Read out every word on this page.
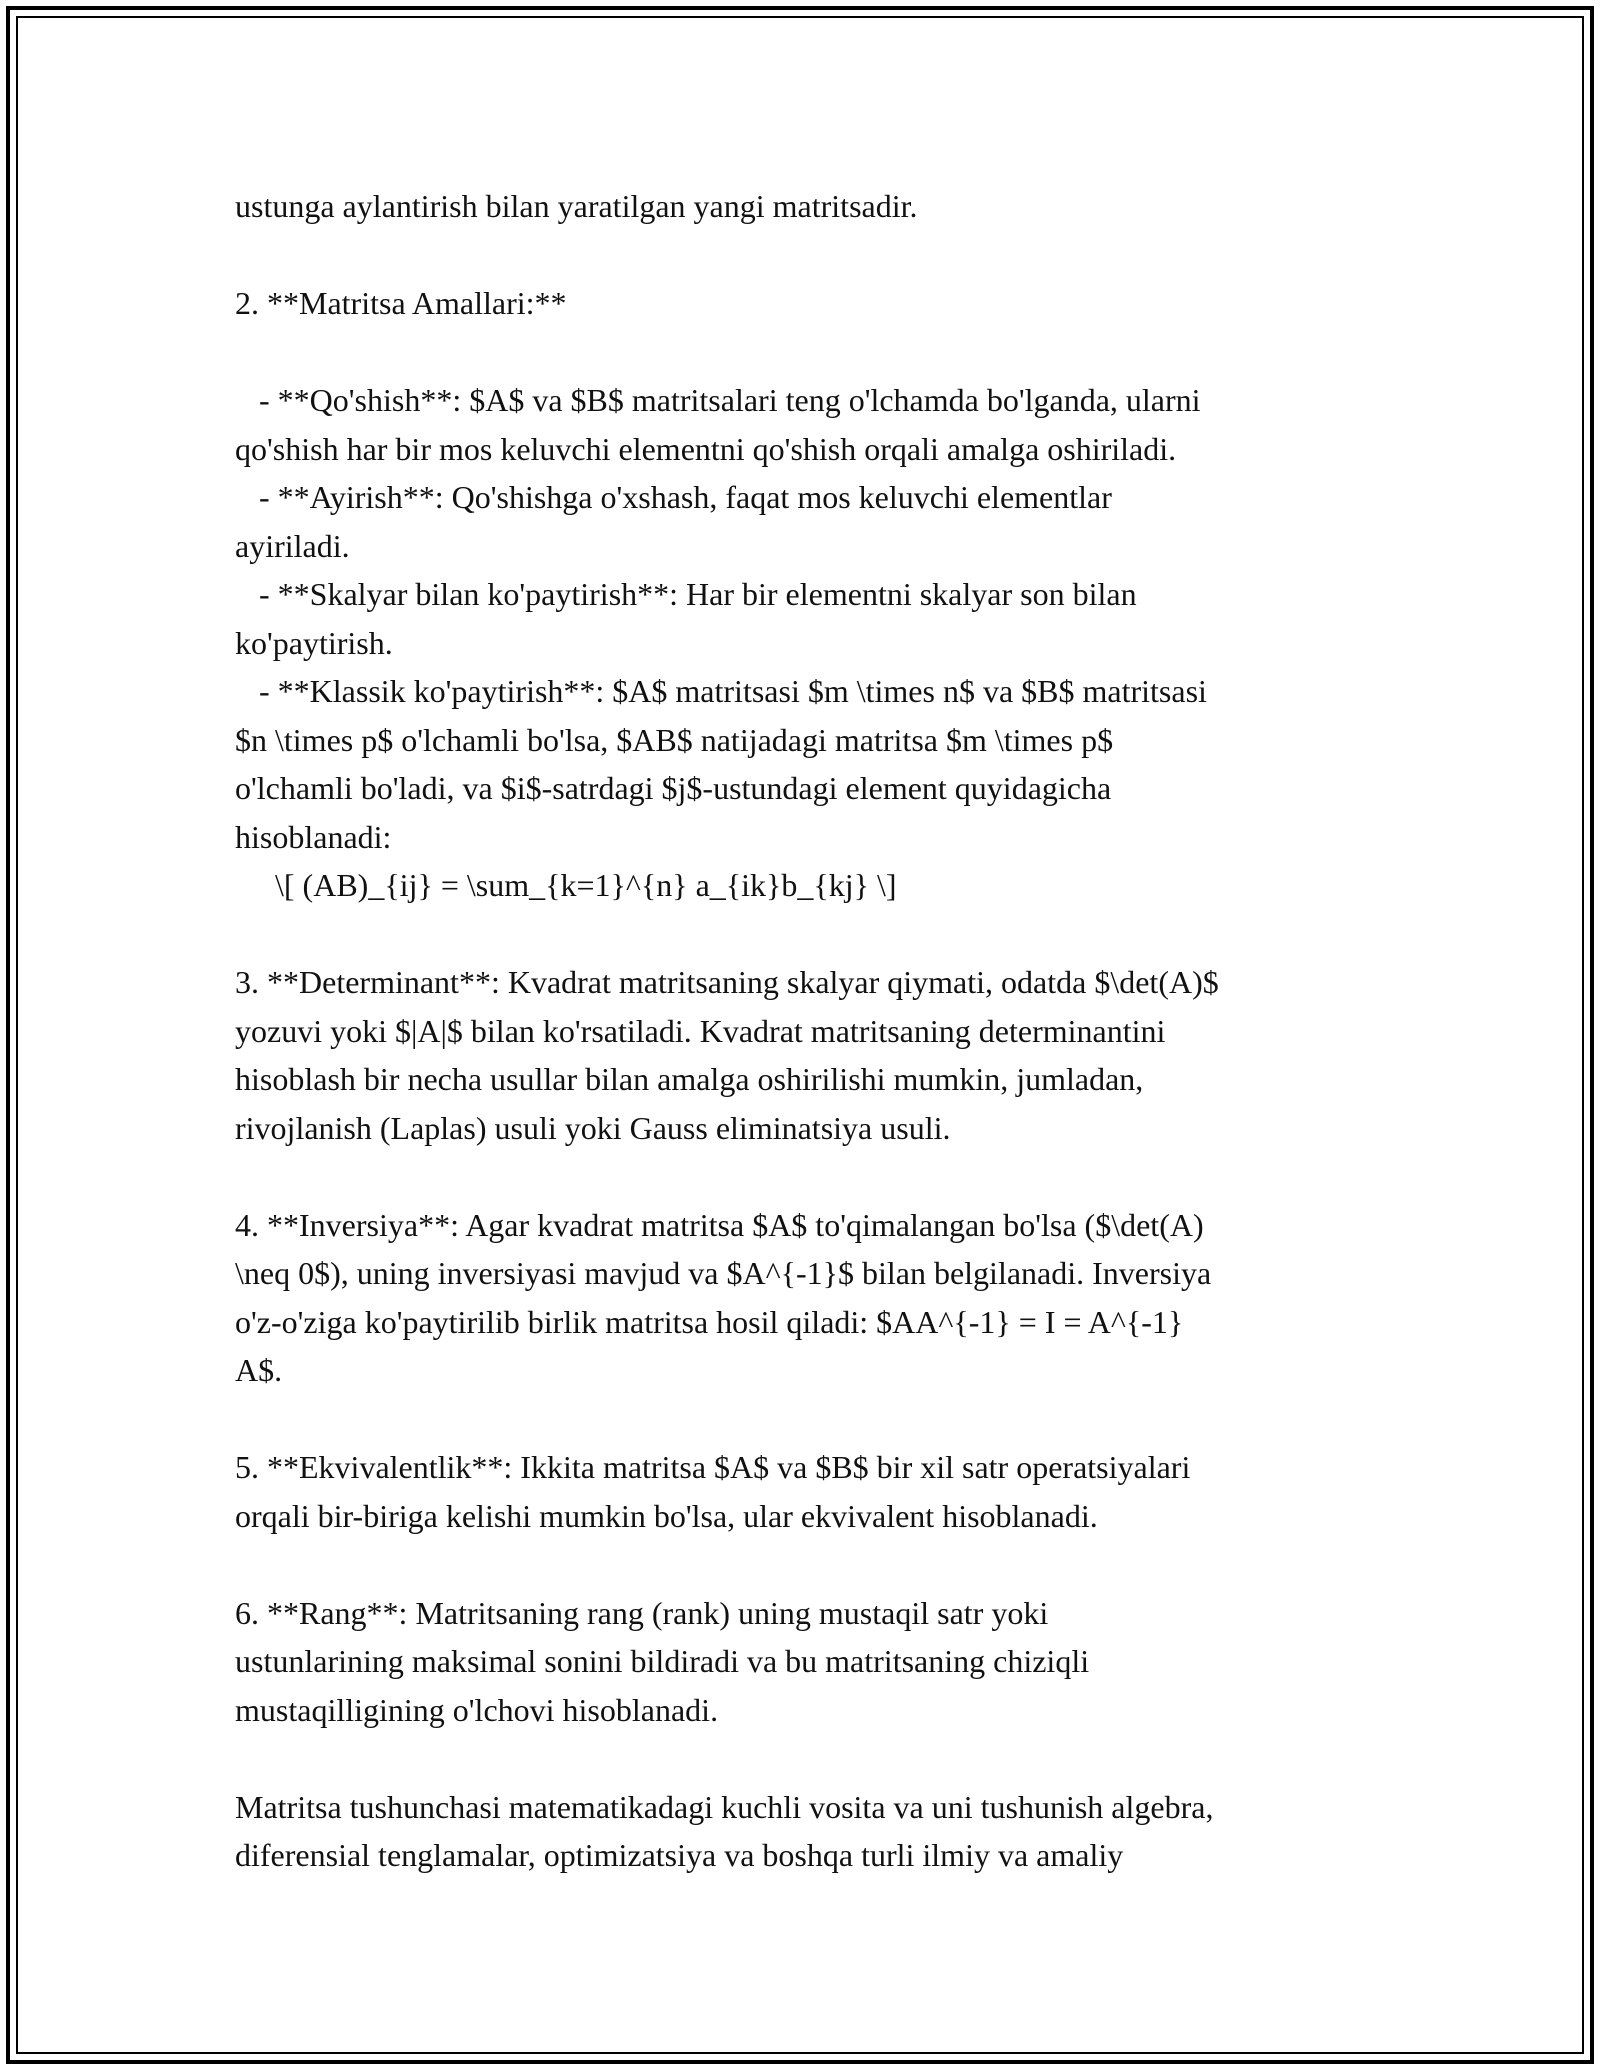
ustunga aylantirish bilan yaratilgan yangi matritsadir.
2. **Matritsa Amallari:**
- **Qo'shish**: $A$ va $B$ matritsalari teng o'lchamda bo'lganda, ularni
qo'shish har bir mos keluvchi elementni qo'shish orqali amalga oshiriladi.
- **Ayirish**: Qo'shishga o'xshash, faqat mos keluvchi elementlar
ayiriladi.
- **Skalyar bilan ko'paytirish**: Har bir elementni skalyar son bilan
ko'paytirish.
- **Klassik ko'paytirish**: $A$ matritsasi $m \times n$ va $B$ matritsasi
$n \times p$ o'lchamli bo'lsa, $AB$ natijadagi matritsa $m \times p$
o'lchamli bo'ladi, va $i$-satrdagi $j$-ustundagi element quyidagicha
hisoblanadi:
\[ (AB)_{ij} = \sum_{k=1}^{n} a_{ik}b_{kj} \]
3. **Determinant**: Kvadrat matritsaning skalyar qiymati, odatda $\det(A)$
yozuvi yoki $|A|$ bilan ko'rsatiladi. Kvadrat matritsaning determinantini
hisoblash bir necha usullar bilan amalga oshirilishi mumkin, jumladan,
rivojlanish (Laplas) usuli yoki Gauss eliminatsiya usuli.
4. **Inversiya**: Agar kvadrat matritsa $A$ to'qimalangan bo'lsa ($\det(A)
\neq 0$), uning inversiyasi mavjud va $A^{-1}$ bilan belgilanadi. Inversiya
o'z-o'ziga ko'paytirilib birlik matritsa hosil qiladi: $AA^{-1} = I = A^{-1}
A$.
5. **Ekvivalentlik**: Ikkita matritsa $A$ va $B$ bir xil satr operatsiyalari
orqali bir-biriga kelishi mumkin bo'lsa, ular ekvivalent hisoblanadi.
6. **Rang**: Matritsaning rang (rank) uning mustaqil satr yoki
ustunlarining maksimal sonini bildiradi va bu matritsaning chiziqli
mustaqilligining o'lchovi hisoblanadi.
Matritsa tushunchasi matematikadagi kuchli vosita va uni tushunish algebra,
diferensial tenglamalar, optimizatsiya va boshqa turli ilmiy va amaliy
